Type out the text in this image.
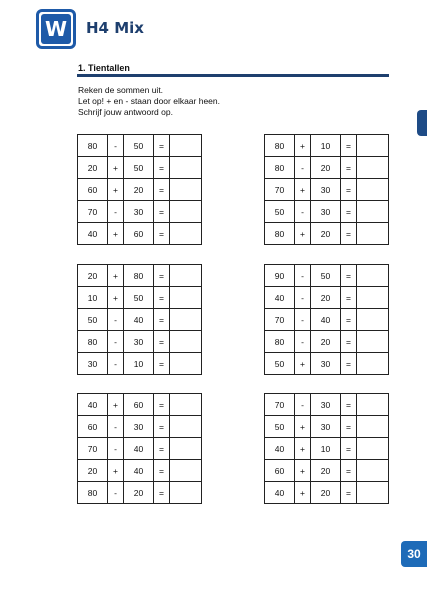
W H4 Mix
1. Tientallen
Reken de sommen uit.
Let op! + en - staan door elkaar heen.
Schrijf jouw antwoord op.
80	-	50	=	
20	+	50	=	
60	+	20	=	
70	-	30	=	
40	+	60	=	
80	+	10	=	
80	-	20	=	
70	+	30	=	
50	-	30	=	
80	+	20	=	
20	+	80	=	
10	+	50	=	
50	-	40	=	
80	-	30	=	
30	-	10	=	
90	-	50	=	
40	-	20	=	
70	-	40	=	
80	-	20	=	
50	+	30	=	
40	+	60	=	
60	-	30	=	
70	-	40	=	
20	+	40	=	
80	-	20	=	
70	-	30	=	
50	+	30	=	
40	+	10	=	
60	+	20	=	
40	+	20	=	
30
